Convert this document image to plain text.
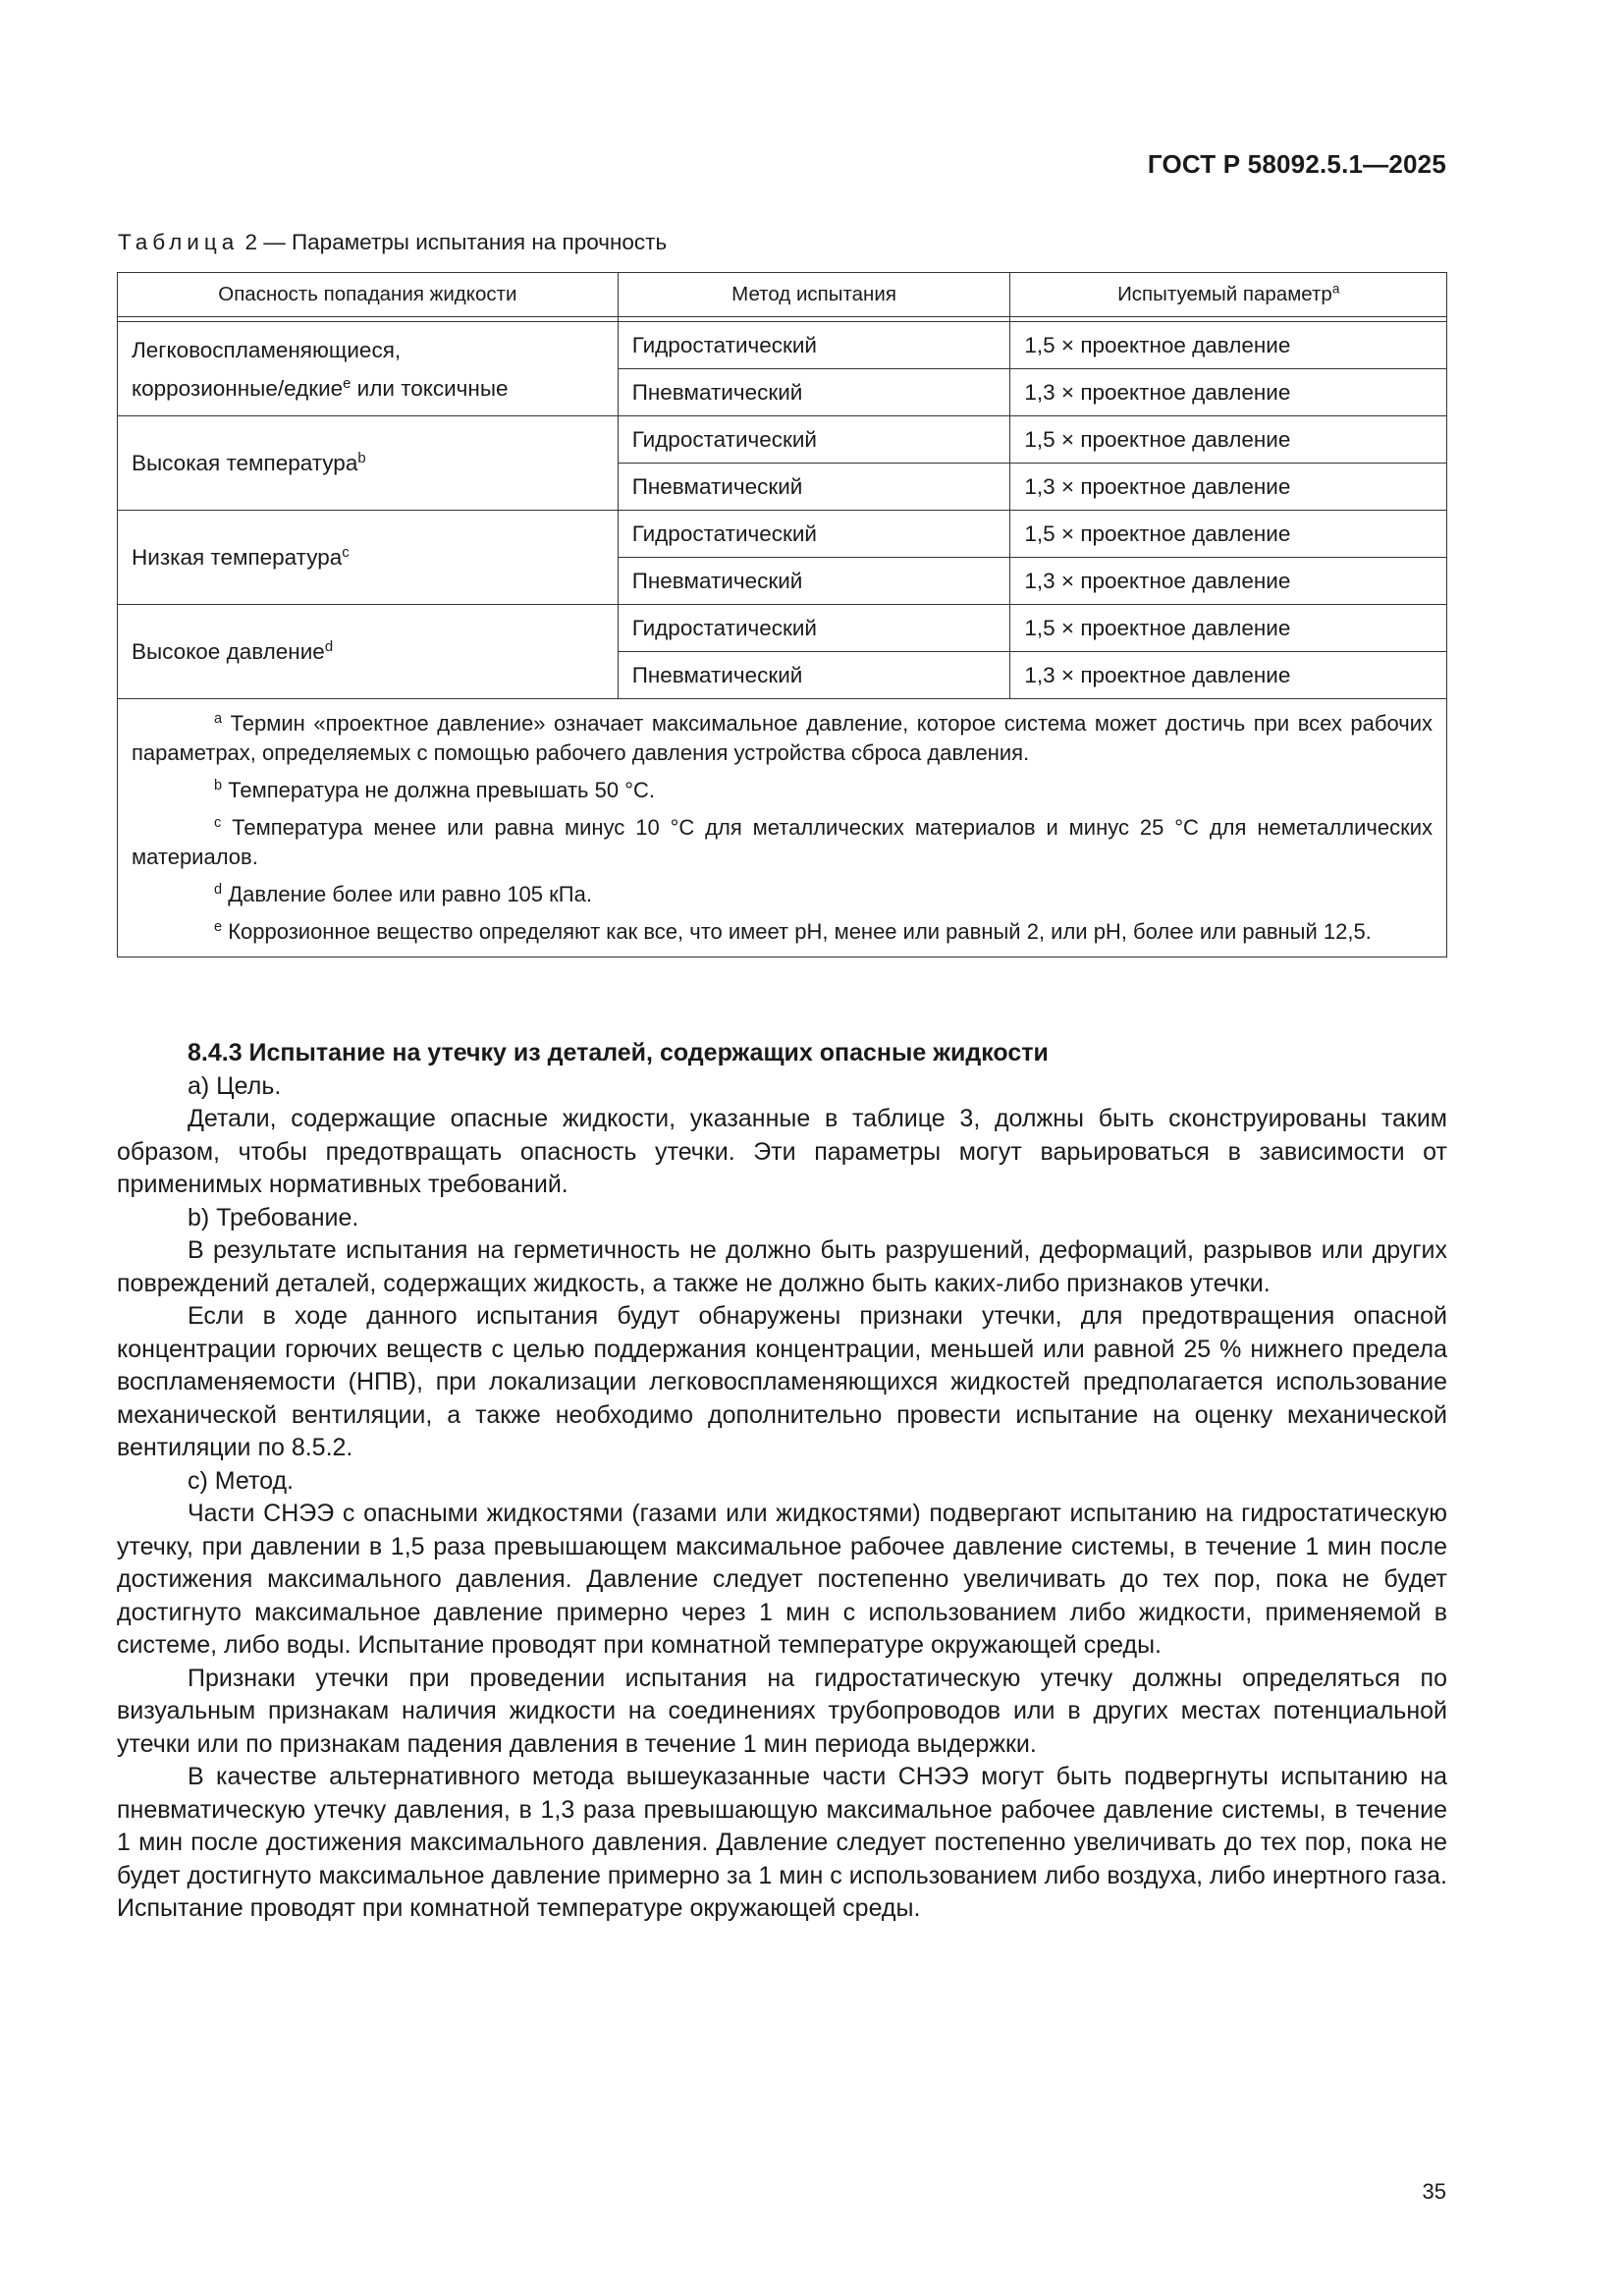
ГОСТ Р 58092.5.1—2025
Таблица 2 — Параметры испытания на прочность
Опасность попадания жидкости	Метод испытания	Испытуемый параметр$^a$

Легковоспламеняющиеся,
коррозионные/едкие$^e$ или токсичные	Гидростатический	1,5 × проектное давление
	Пневматический	1,3 × проектное давление
Высокая температура$^b$	Гидростатический	1,5 × проектное давление
	Пневматический	1,3 × проектное давление
Низкая температура$^c$	Гидростатический	1,5 × проектное давление
	Пневматический	1,3 × проектное давление
Высокое давление$^d$	Гидростатический	1,5 × проектное давление
	Пневматический	1,3 × проектное давление

$^a$ Термин «проектное давление» означает максимальное давление, которое система может достичь при всех рабочих параметрах, определяемых с помощью рабочего давления устройства сброса давления.

$^b$ Температура не должна превышать 50 °С.

$^c$ Температура менее или равна минус 10 °С для металлических материалов и минус 25 °С для неметаллических материалов.

$^d$ Давление более или равно 105 кПа.

$^e$ Коррозионное вещество определяют как все, что имеет рН, менее или равный 2, или рН, более или равный 12,5.		

8.4.3 Испытание на утечку из деталей, содержащих опасные жидкости

а) Цель.

Детали, содержащие опасные жидкости, указанные в таблице 3, должны быть сконструированы таким образом, чтобы предотвращать опасность утечки. Эти параметры могут варьироваться в зависимости от применимых нормативных требований.

b) Требование.

В результате испытания на герметичность не должно быть разрушений, деформаций, разрывов или других повреждений деталей, содержащих жидкость, а также не должно быть каких-либо признаков утечки.

Если в ходе данного испытания будут обнаружены признаки утечки, для предотвращения опасной концентрации горючих веществ с целью поддержания концентрации, меньшей или равной 25 % нижнего предела воспламеняемости (НПВ), при локализации легковоспламеняющихся жидкостей предполагается использование механической вентиляции, а также необходимо дополнительно провести испытание на оценку механической вентиляции по 8.5.2.

с) Метод.

Части СНЭЭ с опасными жидкостями (газами или жидкостями) подвергают испытанию на гидростатическую утечку, при давлении в 1,5 раза превышающем максимальное рабочее давление системы, в течение 1 мин после достижения максимального давления. Давление следует постепенно увеличивать до тех пор, пока не будет достигнуто максимальное давление примерно через 1 мин с использованием либо жидкости, применяемой в системе, либо воды. Испытание проводят при комнатной температуре окружающей среды.

Признаки утечки при проведении испытания на гидростатическую утечку должны определяться по визуальным признакам наличия жидкости на соединениях трубопроводов или в других местах потенциальной утечки или по признакам падения давления в течение 1 мин периода выдержки.

В качестве альтернативного метода вышеуказанные части СНЭЭ могут быть подвергнуты испытанию на пневматическую утечку давления, в 1,3 раза превышающую максимальное рабочее давление системы, в течение 1 мин после достижения максимального давления. Давление следует постепенно увеличивать до тех пор, пока не будет достигнуто максимальное давление примерно за 1 мин с использованием либо воздуха, либо инертного газа. Испытание проводят при комнатной температуре окружающей среды.

35
